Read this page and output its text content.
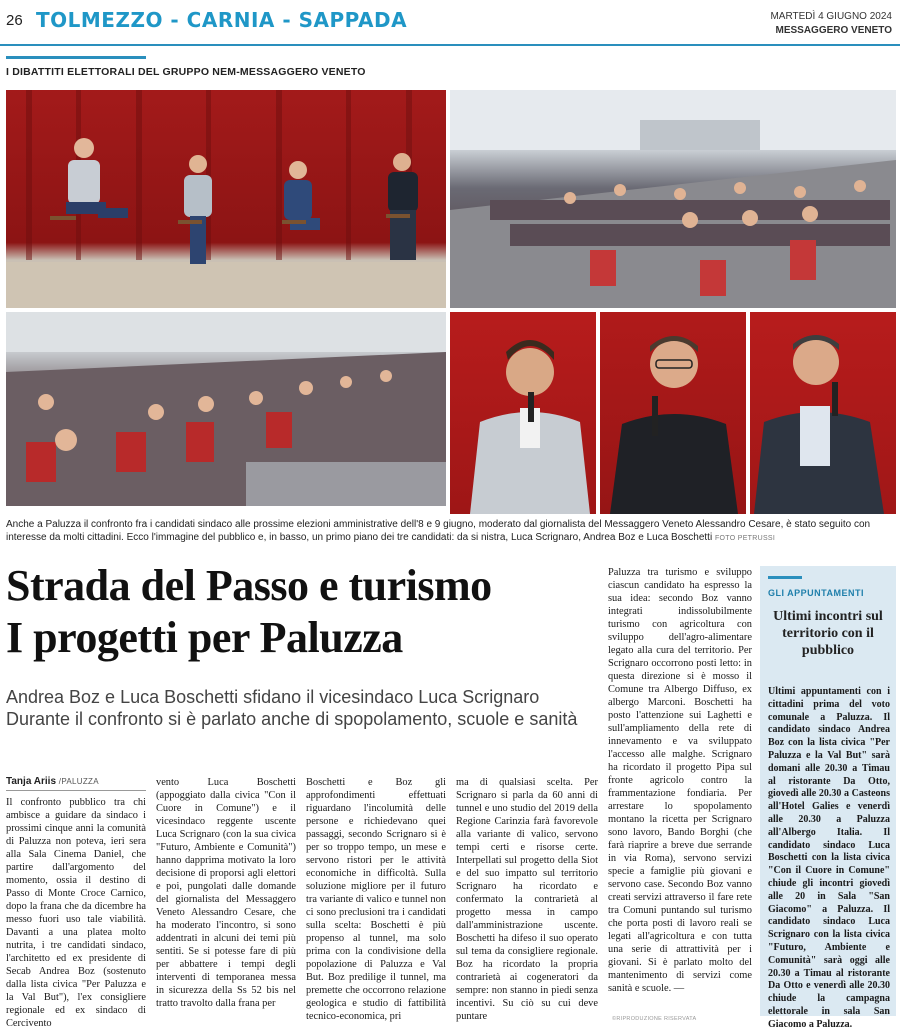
26 TOLMEZZO - CARNIA - SAPPADA	MARTEDÌ 4 GIUGNO 2024
MESSAGGERO VENETO
I DIBATTITI ELETTORALI DEL GRUPPO NEM-MESSAGGERO VENETO
Anche a Paluzza il confronto fra i candidati sindaco alle prossime elezioni amministrative dell'8 e 9 giugno, moderato dal giornalista del Messaggero Veneto Alessandro Cesare, è stato seguito con interesse da molti cittadini. Ecco l'immagine del pubblico e, in basso, un primo piano dei tre candidati: da si nistra, Luca Scrignaro, Andrea Boz e Luca Boschetti FOTO PETRUSSI
Strada del Passo e turismo
I progetti per Paluzza
Andrea Boz e Luca Boschetti sfidano il vicesindaco Luca Scrignaro
Durante il confronto si è parlato anche di spopolamento, scuole e sanità
Tanja Ariis /PALUZZA
Il confronto pubblico tra chi ambisce a guidare da sindaco i prossimi cinque anni la comunità di Paluzza non poteva, ieri sera alla Sala Cinema Daniel, che partire dall'argomento del momento, ossia il destino di Passo di Monte Croce Carnico, dopo la frana che da dicembre ha messo fuori uso tale viabilità. Davanti a una platea molto nutrita, i tre candidati sindaco, l'architetto ed ex presidente di Secab Andrea Boz (sostenuto dalla lista civica "Per Paluzza e la Val But"), l'ex consigliere regionale ed ex sindaco di Cercivento
vento Luca Boschetti (appoggiato dalla civica "Con il Cuore in Comune") e il vicesindaco reggente uscente Luca Scrignaro (con la sua civica "Futuro, Ambiente e Comunità") hanno dapprima motivato la loro decisione di proporsi agli elettori e poi, pungolati dalle domande del giornalista del Messaggero Veneto Alessandro Cesare, che ha moderato l'incontro, si sono addentrati in alcuni dei temi più sentiti. Se si potesse fare di più per abbattere i tempi degli interventi di temporanea messa in sicurezza della Ss 52 bis nel tratto travolto dalla frana per
Boschetti e Boz gli approfondimenti effettuati riguardano l'incolumità delle persone e richiedevano quei passaggi, secondo Scrignaro si è per so troppo tempo, un mese e servono ristori per le attività economiche in difficoltà. Sulla soluzione migliore per il futuro tra variante di valico e tunnel non ci sono preclusioni tra i candidati sulla scelta: Boschetti è più propenso al tunnel, ma solo prima con la condivisione della popolazione di Paluzza e Val But. Boz predilige il tunnel, ma premette che occorrono relazione geologica e studio di fattibilità tecnico-economica, pri
ma di qualsiasi scelta. Per Scrignaro si parla da 60 anni di tunnel e uno studio del 2019 della Regione Carinzia farà favorevole alla variante di valico, servono tempi certi e risorse certe. Interpellati sul progetto della Siot e del suo impatto sul territorio Scrignaro ha ricordato e confermato la contrarietà al progetto messa in campo dall'amministrazione uscente. Boschetti ha difeso il suo operato sul tema da consigliere regionale. Boz ha ricordato la propria contrarietà ai cogeneratori da sempre: non stanno in piedi senza incentivi. Su ciò su cui deve puntare
Paluzza tra turismo e sviluppo ciascun candidato ha espresso la sua idea: secondo Boz vanno integrati indissolubilmente turismo con agricoltura con sviluppo dell'agro-alimentare legato alla cura del territorio. Per Scrignaro occorrono posti letto: in questa direzione si è mosso il Comune tra Albergo Diffuso, ex albergo Marconi. Boschetti ha posto l'attenzione sui Laghetti e sull'ampliamento della rete di innevamento e va sviluppato l'accesso alle malghe. Scrignaro ha ricordato il progetto Pipa sul fronte agricolo contro la frammentazione fondiaria. Per arrestare lo spopolamento montano la ricetta per Scrignaro sono lavoro, Bando Borghi (che farà riaprire a breve due serrande in via Roma), servono servizi specie a famiglie più giovani e servono case. Secondo Boz vanno creati servizi attraverso il fare rete tra Comuni puntando sul turismo che porta posti di lavoro reali se legati all'agricoltura e con tutta una serie di attrattività per i giovani. Si è parlato molto del mantenimento di servizi come sanità e scuole. —
GLI APPUNTAMENTI
Ultimi incontri sul territorio con il pubblico
Ultimi appuntamenti con i cittadini prima del voto comunale a Paluzza. Il candidato sindaco Andrea Boz con la lista civica "Per Paluzza e la Val But" sarà domani alle 20.30 a Timau al ristorante Da Otto, giovedì alle 20.30 a Casteons all'Hotel Galies e venerdì alle 20.30 a Paluzza all'Albergo Italia. Il candidato sindaco Luca Boschetti con la lista civica "Con il Cuore in Comune" chiude gli incontri giovedì alle 20 in Sala "San Giacomo" a Paluzza. Il candidato sindaco Luca Scrignaro con la lista civica "Futuro, Ambiente e Comunità" sarà oggi alle 20.30 a Timau al ristorante Da Otto e venerdì alle 20.30 chiude la campagna elettorale in sala San Giacomo a Paluzza.
©RIPRODUZIONE RISERVATA
